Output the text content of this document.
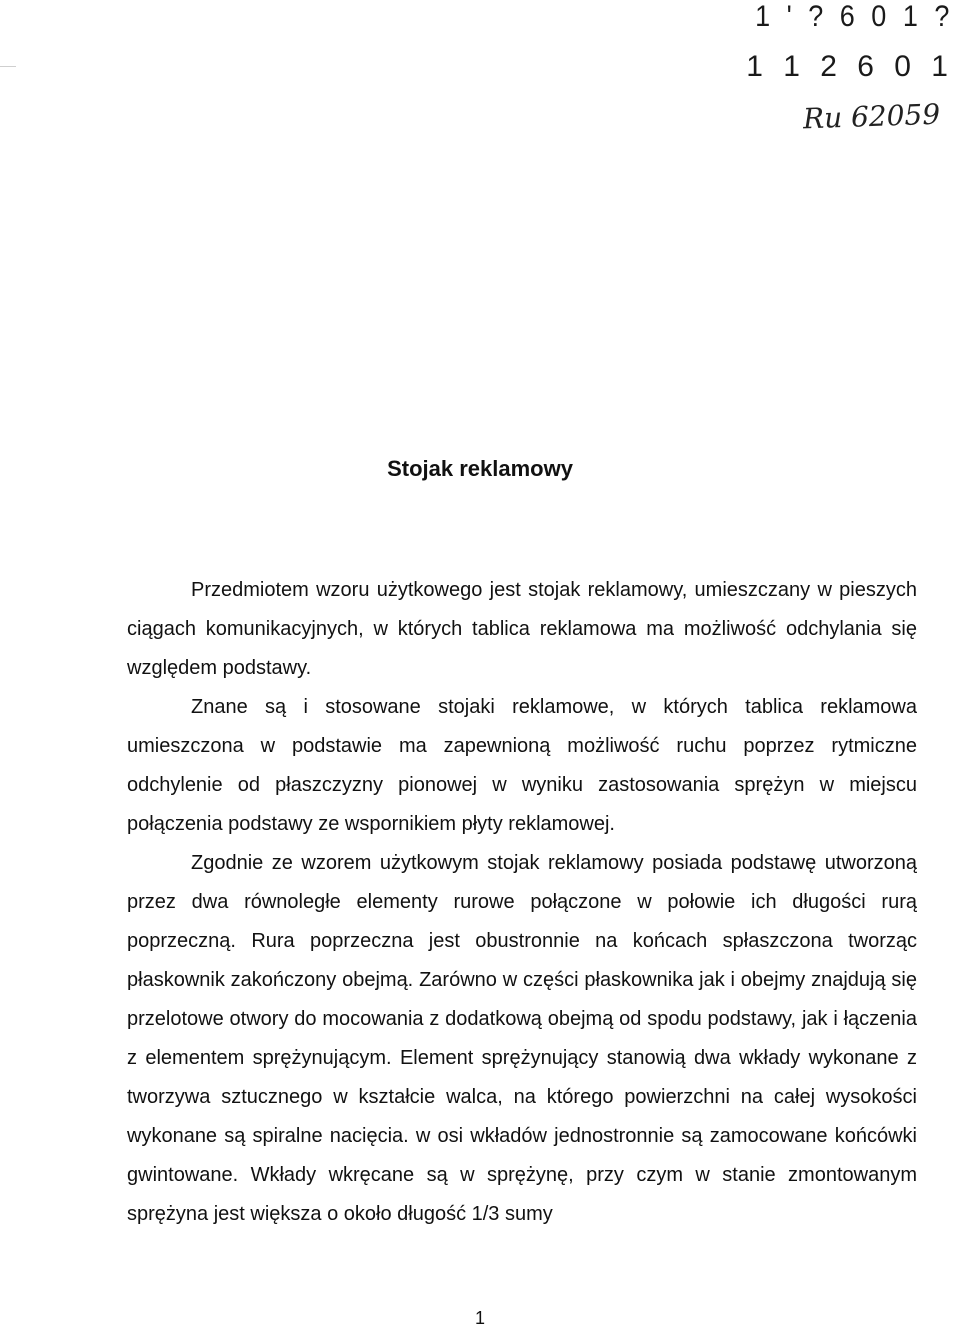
1 ' ? 6 0 1 ?
1 1 2 6 0 1
Ru 62059
Stojak reklamowy

Przedmiotem wzoru użytkowego jest stojak reklamowy, umieszczany w pieszych ciągach komunikacyjnych, w których tablica reklamowa ma możliwość odchylania się względem podstawy.

Znane są i stosowane stojaki reklamowe, w których tablica reklamowa umieszczona w podstawie ma zapewnioną możliwość ruchu poprzez rytmiczne odchylenie od płaszczyzny pionowej w wyniku zastosowania sprężyn w miejscu połączenia podstawy ze wspornikiem płyty reklamowej.

Zgodnie ze wzorem użytkowym stojak reklamowy posiada podstawę utworzoną przez dwa równoległe elementy rurowe połączone w połowie ich długości rurą poprzeczną. Rura poprzeczna jest obustronnie na końcach spłaszczona tworząc płaskownik zakończony obejmą. Zarówno w części płaskownika jak i obejmy znajdują się przelotowe otwory do mocowania z dodatkową obejmą od spodu podstawy, jak i łączenia z elementem sprężynującym. Element sprężynujący stanowią dwa wkłady wykonane z tworzywa sztucznego w kształcie walca, na którego powierzchni na całej wysokości wykonane są spiralne nacięcia. w osi wkładów jednostronnie są zamocowane końcówki gwintowane. Wkłady wkręcane są w sprężynę, przy czym w stanie zmontowanym sprężyna jest większa o około długość 1/3 sumy

1
